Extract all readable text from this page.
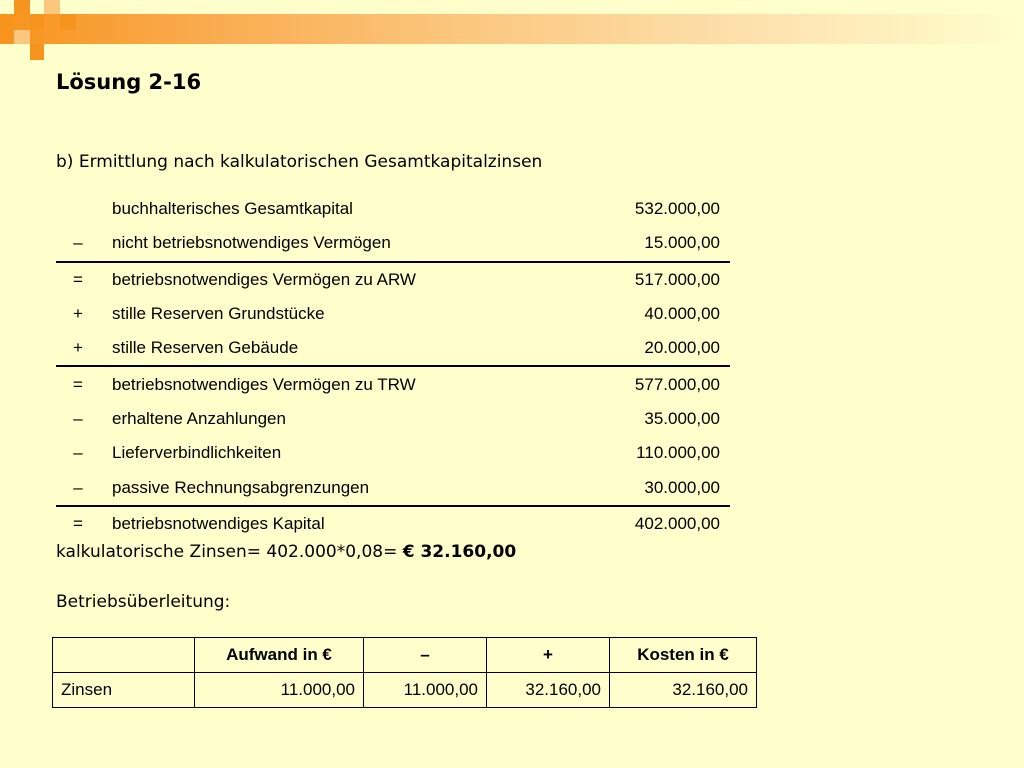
Lösung 2-16
b) Ermittlung nach kalkulatorischen Gesamtkapitalzinsen
	buchhalterisches Gesamtkapital	532.000,00
–	nicht betriebsnotwendiges Vermögen	15.000,00
=	betriebsnotwendiges Vermögen zu ARW	517.000,00
+	stille Reserven Grundstücke	40.000,00
+	stille Reserven Gebäude	20.000,00
=	betriebsnotwendiges Vermögen zu TRW	577.000,00
–	erhaltene Anzahlungen	35.000,00
–	Lieferverbindlichkeiten	110.000,00
–	passive Rechnungsabgrenzungen	30.000,00
=	betriebsnotwendiges Kapital	402.000,00
kalkulatorische Zinsen= 402.000*0,08= € 32.160,00
Betriebsüberleitung:
	Aufwand in €	–	+	Kosten in €
Zinsen	11.000,00	11.000,00	32.160,00	32.160,00
